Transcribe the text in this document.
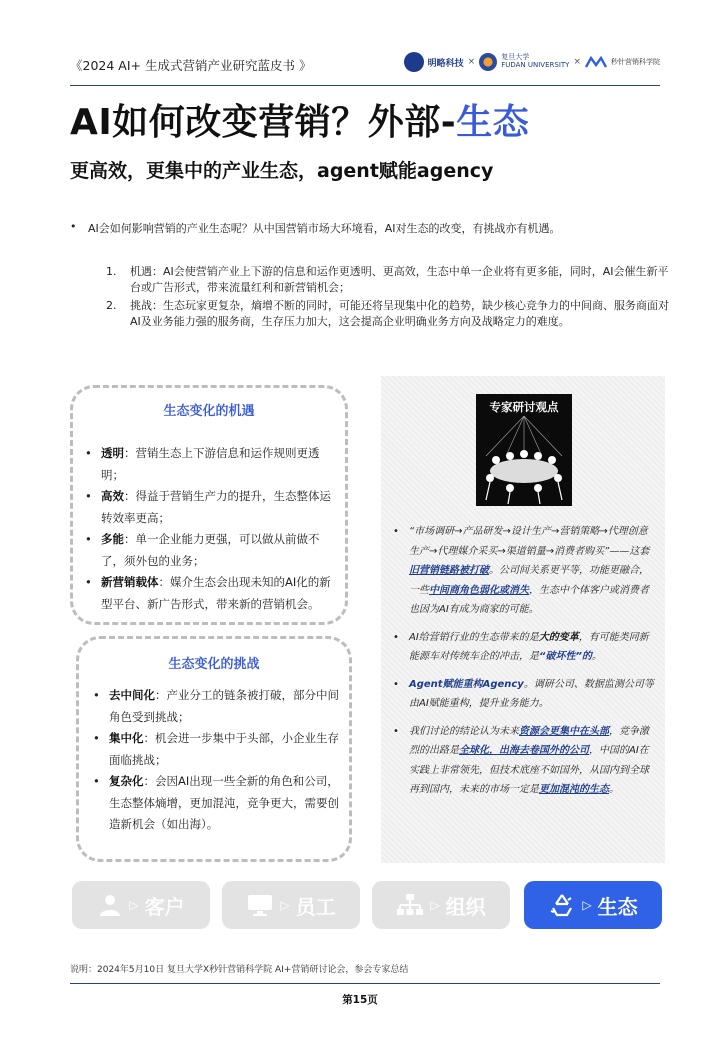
《2024 AI+ 生成式营销产业研究蓝皮书 》	明略科技 ×	复旦大学
FUDAN UNIVERSITY ×	秒针营销科学院
AI如何改变营销？外部-生态
更高效，更集中的产业生态，agent赋能agency
• AI会如何影响营销的产业生态呢？从中国营销市场大环境看，AI对生态的改变，有挑战亦有机遇。
1. 机遇：AI会使营销产业上下游的信息和运作更透明、更高效，生态中单一企业将有更多能，同时，AI会催生新平台或广告形式，带来流量红利和新营销机会；
2. 挑战：生态玩家更复杂，熵增不断的同时，可能还将呈现集中化的趋势，缺少核心竞争力的中间商、服务商面对AI及业务能力强的服务商，生存压力加大，这会提高企业明确业务方向及战略定力的难度。
生态变化的机遇
• 透明：营销生态上下游信息和运作规则更透明；
• 高效：得益于营销生产力的提升，生态整体运转效率更高；
• 多能：单一企业能力更强，可以做从前做不了，须外包的业务；
• 新营销载体：媒介生态会出现未知的AI化的新型平台、新广告形式，带来新的营销机会。
生态变化的挑战
• 去中间化：产业分工的链条被打破，部分中间角色受到挑战；
• 集中化：机会进一步集中于头部，小企业生存面临挑战；
• 复杂化：会因AI出现一些全新的角色和公司，生态整体熵增，更加混沌，竞争更大，需要创造新机会（如出海）。
专家研讨观点
• “市场调研→产品研发→设计生产→营销策略→代理创意生产→代理媒介采买→渠道销量→消费者购买”——这套旧营销链路被打破。公司间关系更平等，功能更融合，一些中间商角色弱化或消失，生态中个体客户或消费者也因为AI有成为商家的可能。
• AI给营销行业的生态带来的是大的变革，有可能类同新能源车对传统车企的冲击，是“破坏性”的。
• Agent赋能重构Agency。调研公司、数据监测公司等由AI赋能重构，提升业务能力。
• 我们讨论的结论认为未来资源会更集中在头部，竞争激烈的出路是全球化，出海去卷国外的公司，中国的AI在实践上非常领先，但技术底座不如国外，从国内到全球再到国内，未来的市场一定是更加混沌的生态。
▷ 客户	▷ 员工	▷ 组织	▷ 生态
说明：2024年5月10日 复旦大学X秒针营销科学院 AI+营销研讨论会，参会专家总结
第15页
